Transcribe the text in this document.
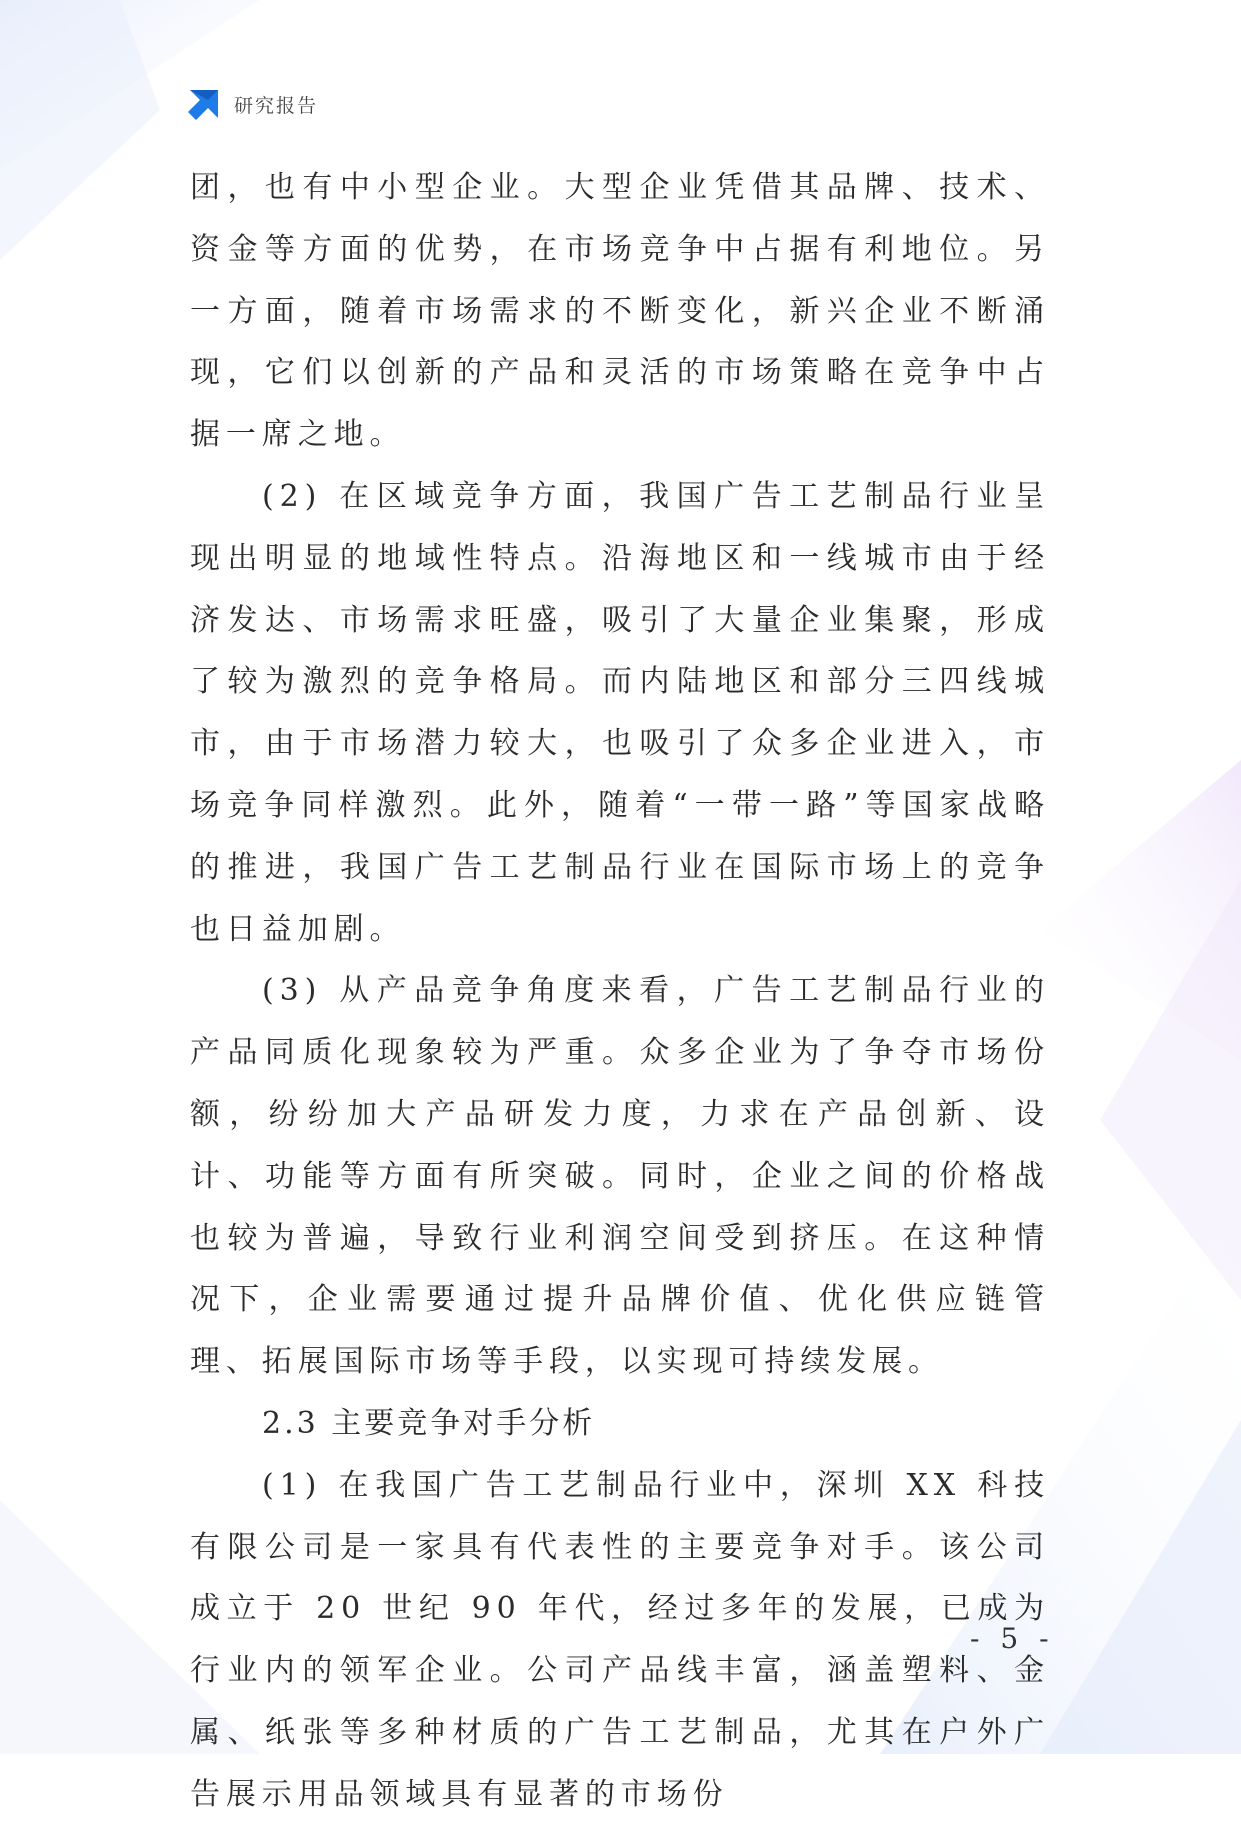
研究报告

团，也有中小型企业。大型企业凭借其品牌、技术、资金等方面的优势，在市场竞争中占据有利地位。另一方面，随着市场需求的不断变化，新兴企业不断涌现，它们以创新的产品和灵活的市场策略在竞争中占据一席之地。

(2) 在区域竞争方面，我国广告工艺制品行业呈现出明显的地域性特点。沿海地区和一线城市由于经济发达、市场需求旺盛，吸引了大量企业集聚，形成了较为激烈的竞争格局。而内陆地区和部分三四线城市，由于市场潜力较大，也吸引了众多企业进入，市场竞争同样激烈。此外，随着“一带一路”等国家战略的推进，我国广告工艺制品行业在国际市场上的竞争也日益加剧。

(3) 从产品竞争角度来看，广告工艺制品行业的产品同质化现象较为严重。众多企业为了争夺市场份额，纷纷加大产品研发力度，力求在产品创新、设计、功能等方面有所突破。同时，企业之间的价格战也较为普遍，导致行业利润空间受到挤压。在这种情况下，企业需要通过提升品牌价值、优化供应链管理、拓展国际市场等手段，以实现可持续发展。

2.3 主要竞争对手分析

(1) 在我国广告工艺制品行业中，深圳 XX 科技有限公司是一家具有代表性的主要竞争对手。该公司成立于 20 世纪 90 年代，经过多年的发展，已成为行业内的领军企业。公司产品线丰富，涵盖塑料、金属、纸张等多种材质的广告工艺制品，尤其在户外广告展示用品领域具有显著的市场份

- 5 -
